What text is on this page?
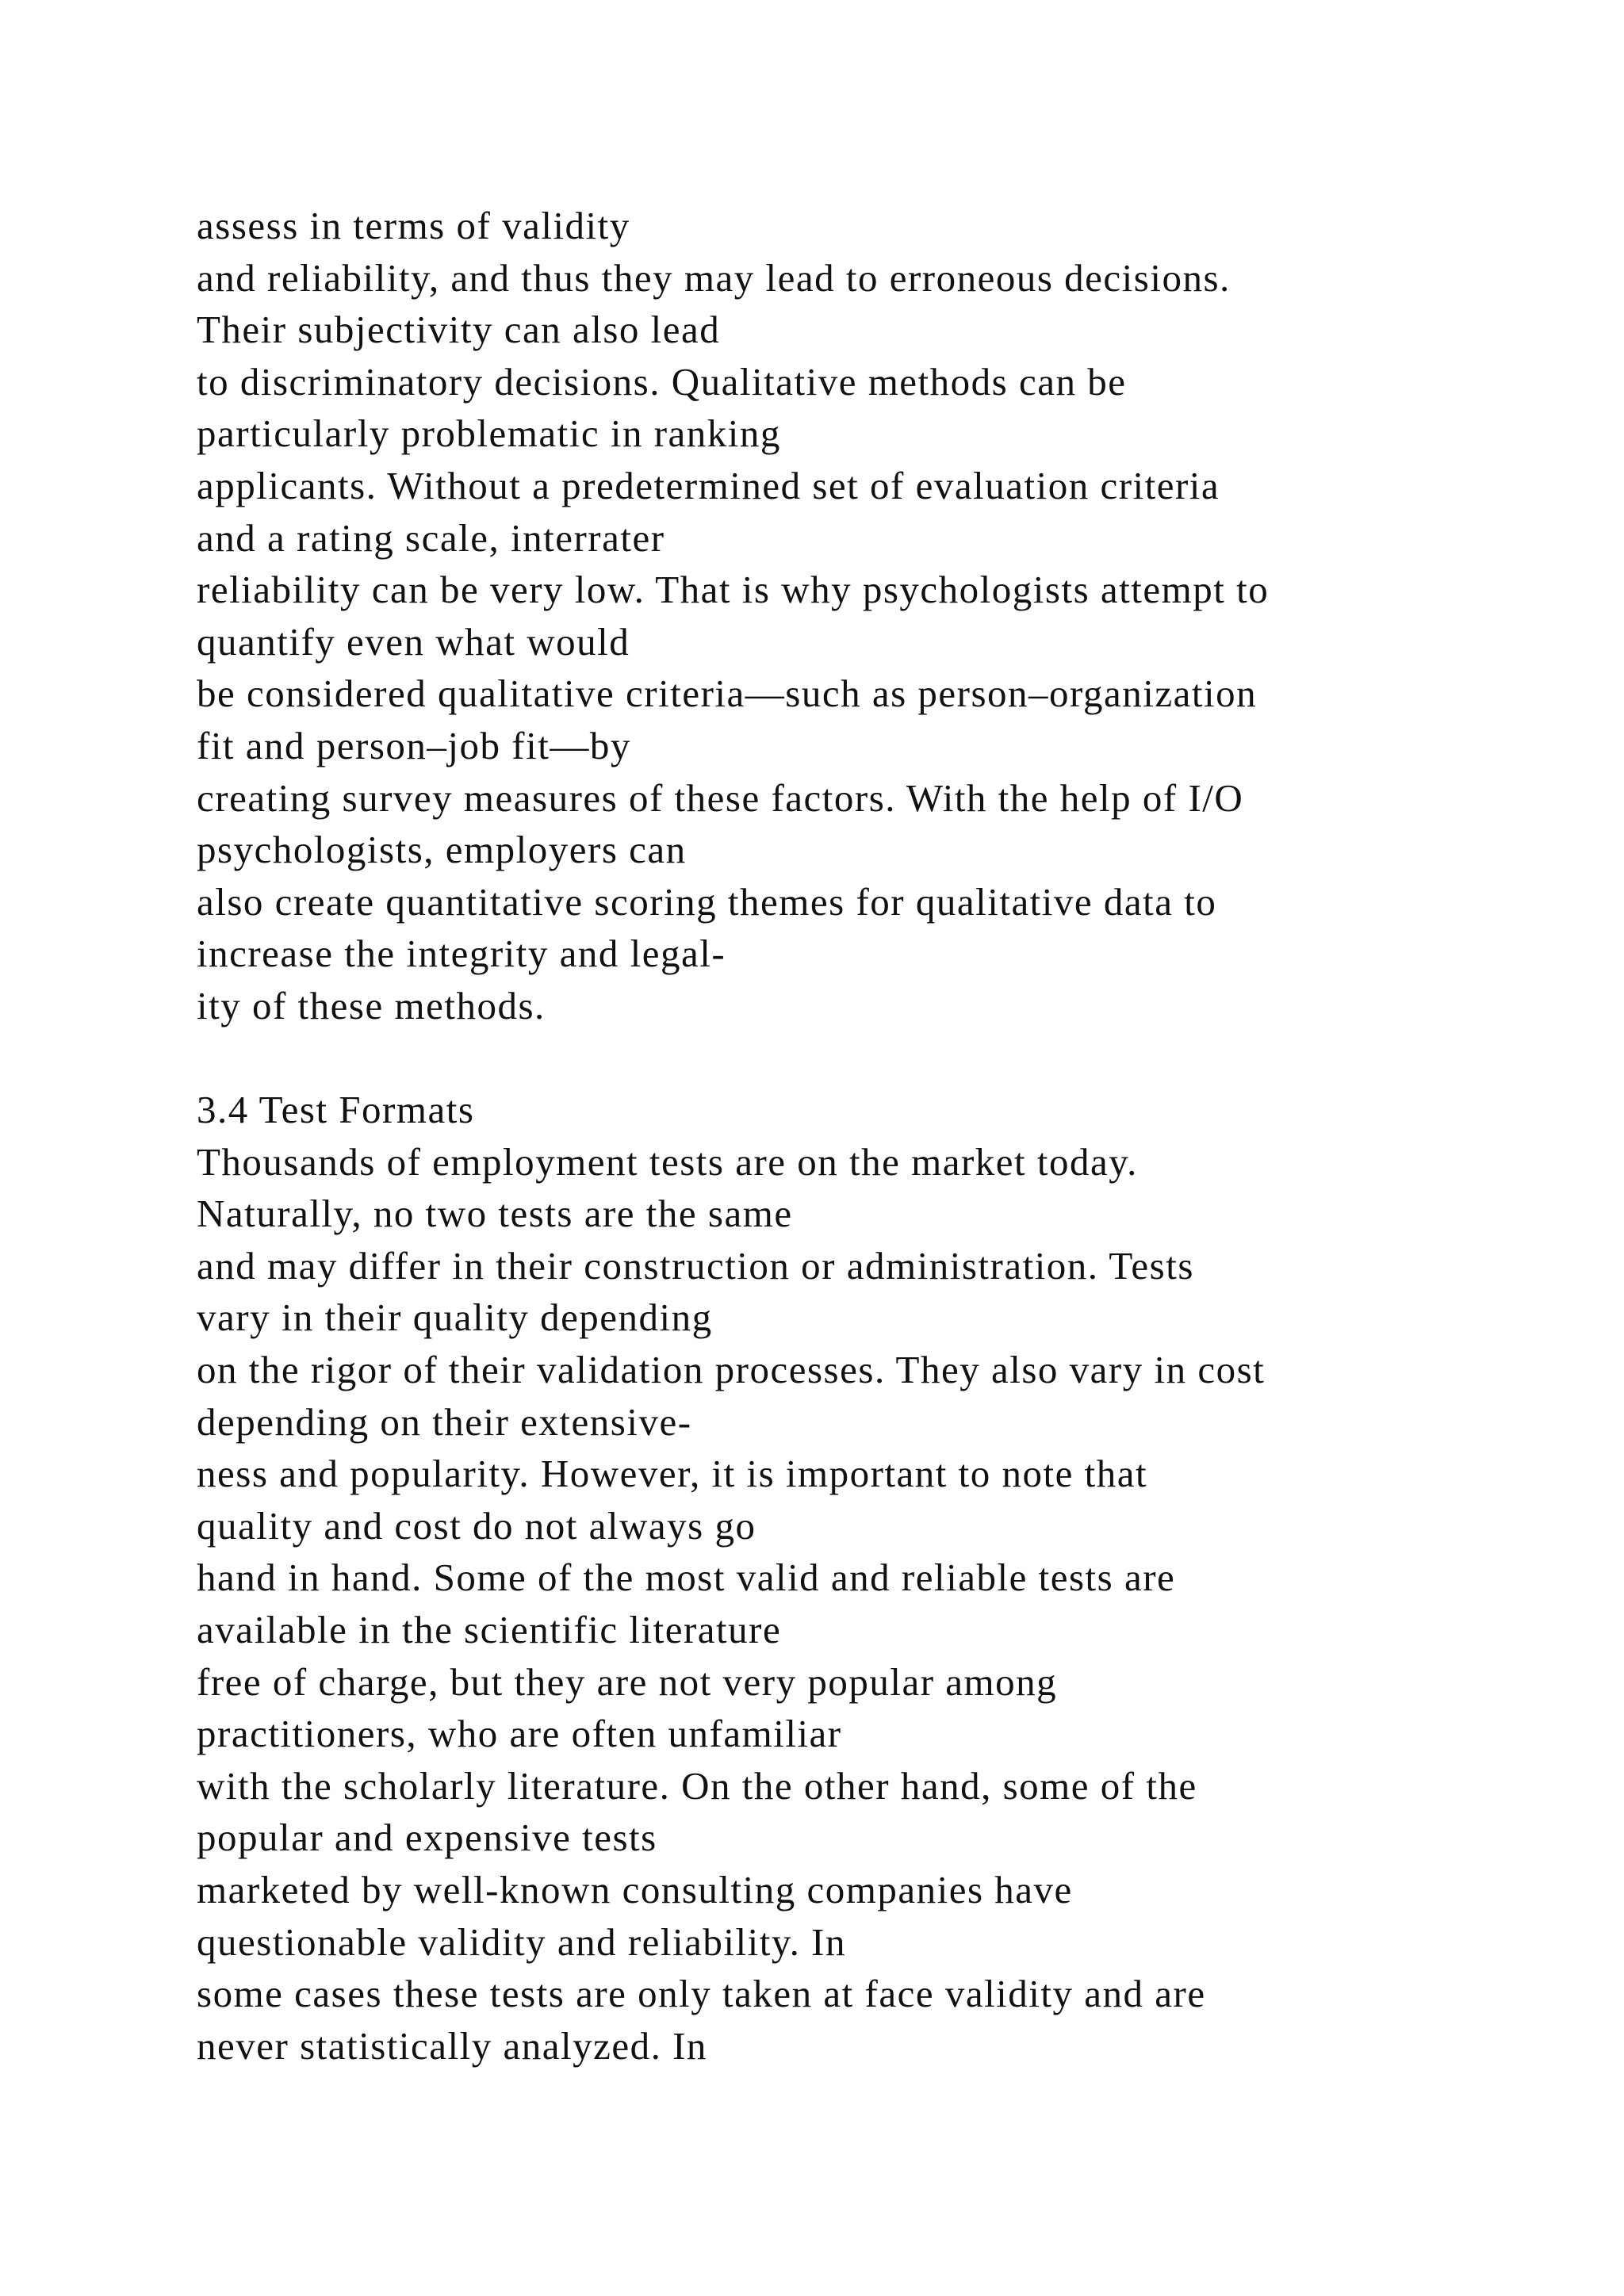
assess in terms of validity
and reliability, and thus they may lead to erroneous decisions.
Their subjectivity can also lead
to discriminatory decisions. Qualitative methods can be
particularly problematic in ranking
applicants. Without a predetermined set of evaluation criteria
and a rating scale, interrater
reliability can be very low. That is why psychologists attempt to
quantify even what would
be considered qualitative criteria—such as person–organization
fit and person–job fit—by
creating survey measures of these factors. With the help of I/O
psychologists, employers can
also create quantitative scoring themes for qualitative data to
increase the integrity and legal-
ity of these methods.
3.4 Test Formats
Thousands of employment tests are on the market today.
Naturally, no two tests are the same
and may differ in their construction or administration. Tests
vary in their quality depending
on the rigor of their validation processes. They also vary in cost
depending on their extensive-
ness and popularity. However, it is important to note that
quality and cost do not always go
hand in hand. Some of the most valid and reliable tests are
available in the scientific literature
free of charge, but they are not very popular among
practitioners, who are often unfamiliar
with the scholarly literature. On the other hand, some of the
popular and expensive tests
marketed by well-known consulting companies have
questionable validity and reliability. In
some cases these tests are only taken at face validity and are
never statistically analyzed. In
